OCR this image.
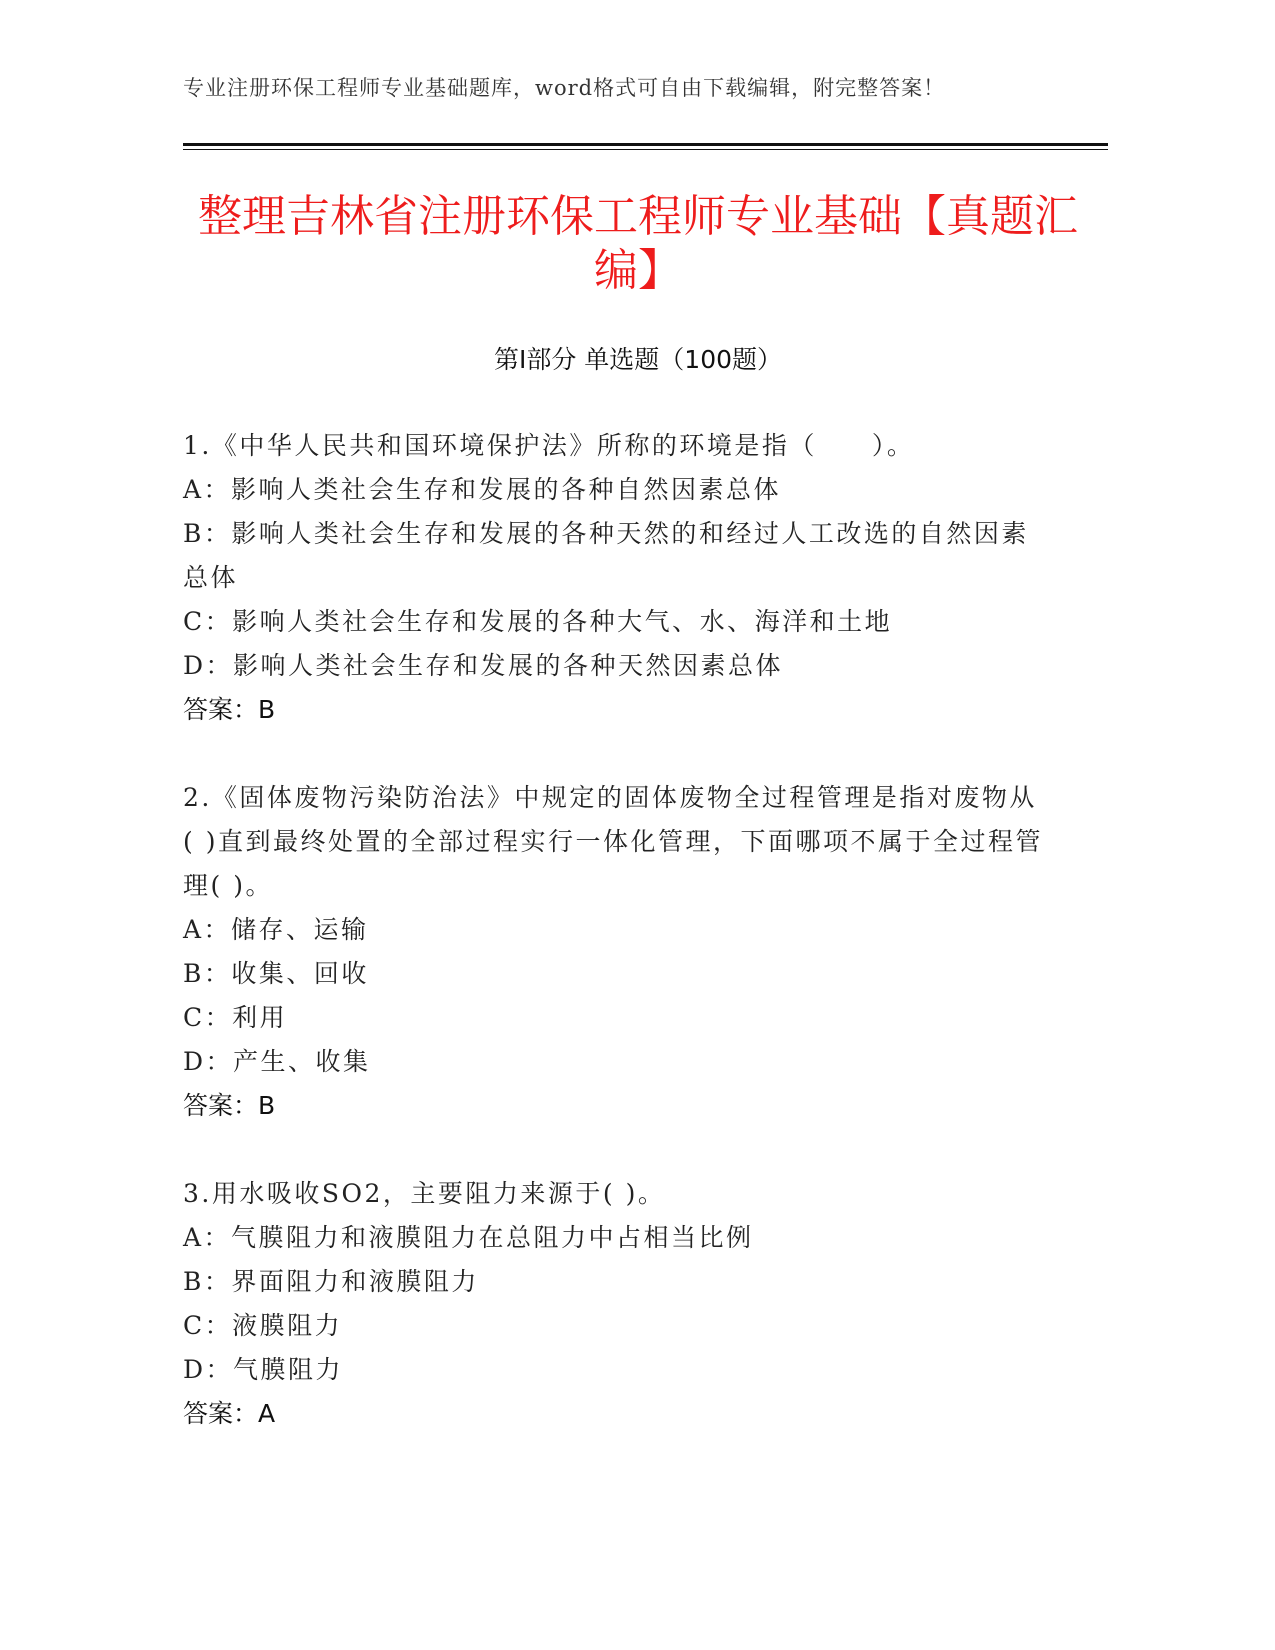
专业注册环保工程师专业基础题库，word格式可自由下载编辑，附完整答案！
整理吉林省注册环保工程师专业基础【真题汇编】
第Ⅰ部分 单选题（100题）
1.《中华人民共和国环境保护法》所称的环境是指（　　）。
A：影响人类社会生存和发展的各种自然因素总体
B：影响人类社会生存和发展的各种天然的和经过人工改选的自然因素总体
C：影响人类社会生存和发展的各种大气、水、海洋和土地
D：影响人类社会生存和发展的各种天然因素总体
答案：B
2.《固体废物污染防治法》中规定的固体废物全过程管理是指对废物从( )直到最终处置的全部过程实行一体化管理，下面哪项不属于全过程管理( )。
A：储存、运输
B：收集、回收
C：利用
D：产生、收集
答案：B
3.用水吸收SO2，主要阻力来源于( )。
A：气膜阻力和液膜阻力在总阻力中占相当比例
B：界面阻力和液膜阻力
C：液膜阻力
D：气膜阻力
答案：A
